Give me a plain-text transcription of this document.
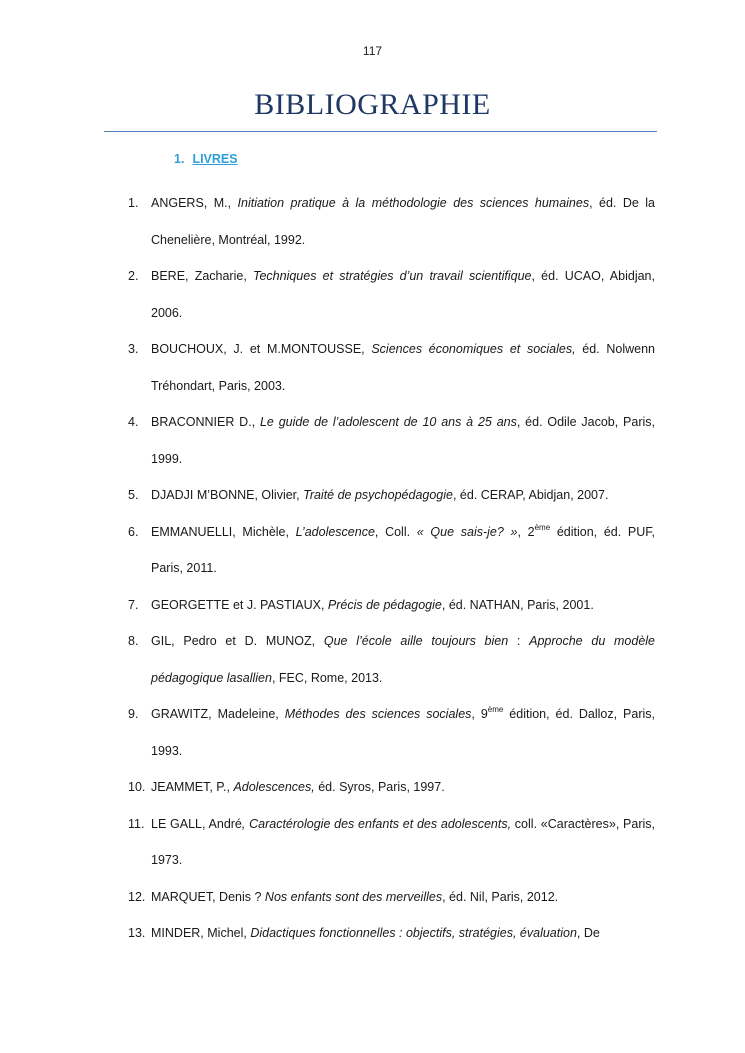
117
BIBLIOGRAPHIE
1. LIVRES
1. ANGERS, M., Initiation pratique à la méthodologie des sciences humaines, éd. De la Chenelière, Montréal, 1992.
2. BERE, Zacharie, Techniques et stratégies d’un travail scientifique, éd. UCAO, Abidjan, 2006.
3. BOUCHOUX, J. et M.MONTOUSSE, Sciences économiques et sociales, éd. Nolwenn Tréhondart, Paris, 2003.
4. BRACONNIER D., Le guide de l’adolescent de 10 ans à 25 ans, éd. Odile Jacob, Paris, 1999.
5. DJADJI M’BONNE, Olivier, Traité de psychopédagogie, éd. CERAP, Abidjan, 2007.
6. EMMANUELLI, Michèle, L’adolescence, Coll. « Que sais-je? », 2ème édition, éd. PUF, Paris, 2011.
7. GEORGETTE et J. PASTIAUX, Précis de pédagogie, éd. NATHAN, Paris, 2001.
8. GIL, Pedro et D. MUNOZ, Que l’école aille toujours bien : Approche du modèle pédagogique lasallien, FEC, Rome, 2013.
9. GRAWITZ, Madeleine, Méthodes des sciences sociales, 9ème édition, éd. Dalloz, Paris, 1993.
10. JEAMMET, P., Adolescences, éd. Syros, Paris, 1997.
11. LE GALL, André, Caractérologie des enfants et des adolescents, coll. «Caractères», Paris, 1973.
12. MARQUET, Denis ? Nos enfants sont des merveilles, éd. Nil, Paris, 2012.
13. MINDER, Michel, Didactiques fonctionnelles : objectifs, stratégies, évaluation, De
